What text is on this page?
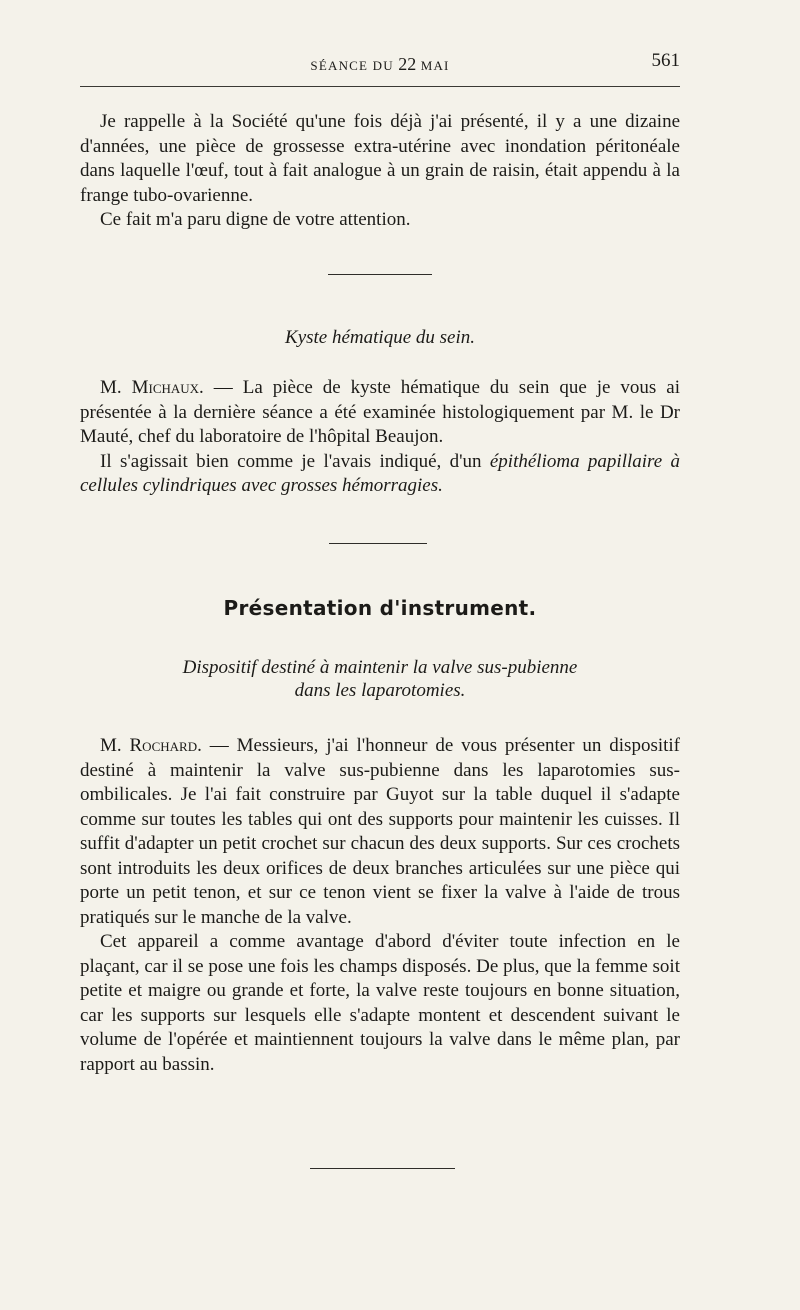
SÉANCE DU 22 MAI	561

Je rappelle à la Société qu'une fois déjà j'ai présenté, il y a une dizaine d'années, une pièce de grossesse extra-utérine avec inondation péritonéale dans laquelle l'œuf, tout à fait analogue à un grain de raisin, était appendu à la frange tubo-ovarienne.

Ce fait m'a paru digne de votre attention.

Kyste hématique du sein.

M. Michaux. — La pièce de kyste hématique du sein que je vous ai présentée à la dernière séance a été examinée histologiquement par M. le Dr Mauté, chef du laboratoire de l'hôpital Beaujon.

Il s'agissait bien comme je l'avais indiqué, d'un épithélioma papillaire à cellules cylindriques avec grosses hémorragies.

Présentation d'instrument.
Dispositif destiné à maintenir la valve sus-pubienne
dans les laparotomies.

M. Rochard. — Messieurs, j'ai l'honneur de vous présenter un dispositif destiné à maintenir la valve sus-pubienne dans les laparotomies sus-ombilicales. Je l'ai fait construire par Guyot sur la table duquel il s'adapte comme sur toutes les tables qui ont des supports pour maintenir les cuisses. Il suffit d'adapter un petit crochet sur chacun des deux supports. Sur ces crochets sont introduits les deux orifices de deux branches articulées sur une pièce qui porte un petit tenon, et sur ce tenon vient se fixer la valve à l'aide de trous pratiqués sur le manche de la valve.

Cet appareil a comme avantage d'abord d'éviter toute infection en le plaçant, car il se pose une fois les champs disposés. De plus, que la femme soit petite et maigre ou grande et forte, la valve reste toujours en bonne situation, car les supports sur lesquels elle s'adapte montent et descendent suivant le volume de l'opérée et maintiennent toujours la valve dans le même plan, par rapport au bassin.
